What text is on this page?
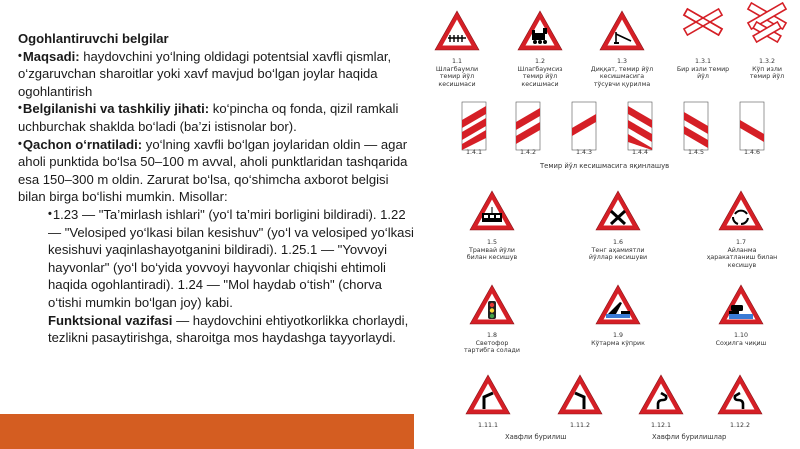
Ogohlantiruvchi belgilar

•Maqsadi: haydovchini yo‘lning oldidagi potentsial xavfli qismlar, o‘zgaruvchan sharoitlar yoki xavf mavjud bo‘lgan joylar haqida ogohlantirish

•Belgilanishi va tashkiliy jihati: ko‘pincha oq fonda, qizil ramkali uchburchak shaklda bo‘ladi (ba’zi istisnolar bor).

•Qachon o‘rnatiladi: yo‘lning xavfli bo‘lgan joylaridan oldin — agar aholi punktida bo‘lsa 50–100 m avval, aholi punktlaridan tashqarida esa 150–300 m oldin. Zarurat bo‘lsa, qo‘shimcha axborot belgisi bilan birga bo‘lishi mumkin. Misollar:

•1.23 — "Ta’mirlash ishlari" (yo‘l ta’miri borligini bildiradi). 1.22 — "Velosiped yo‘lkasi bilan kesishuv" (yo‘l va velosiped yo‘lkasi kesishuvi yaqinlashayotganini bildiradi). 1.25.1 — "Yovvoyi hayvonlar" (yo‘l bo‘yida yovvoyi hayvonlar chiqishi ehtimoli haqida ogohlantiradi). 1.24 — "Mol haydab o‘tish" (chorva o‘tishi mumkin bo‘lgan joy) kabi.

Funktsional vazifasi — haydovchini ehtiyotkorlikka chorlaydi, tezlikni pasaytirishga, sharoitga mos haydashga tayyorlaydi.

1.1
Шлагбаумли темир йўл кесишмаси
1.2
Шлагбаумсиз темир йўл кесишмаси
1.3
Диққат, темир йўл кесишмасига тўсувчи қурилма
1.3.1
Бир изли темир йўл
1.3.2
Кўп изли темир йўл
1.4.1	1.4.2	1.4.3	1.4.4	1.4.5	1.4.6
Темир йўл кесишмасига яқинлашув
1.5
Трамвай йўли билан кесишув
1.6
Тенг аҳамиятли йўллар кесишуви
1.7
Айланма ҳаракатланиш билан кесишув
1.8
Светофор тартибга солади
1.9
Кўтарма кўприк
1.10
Соҳилга чиқиш
1.11.1	1.11.2	1.12.1	1.12.2
Хавфли бурилиш	Хавфли бурилишлар
